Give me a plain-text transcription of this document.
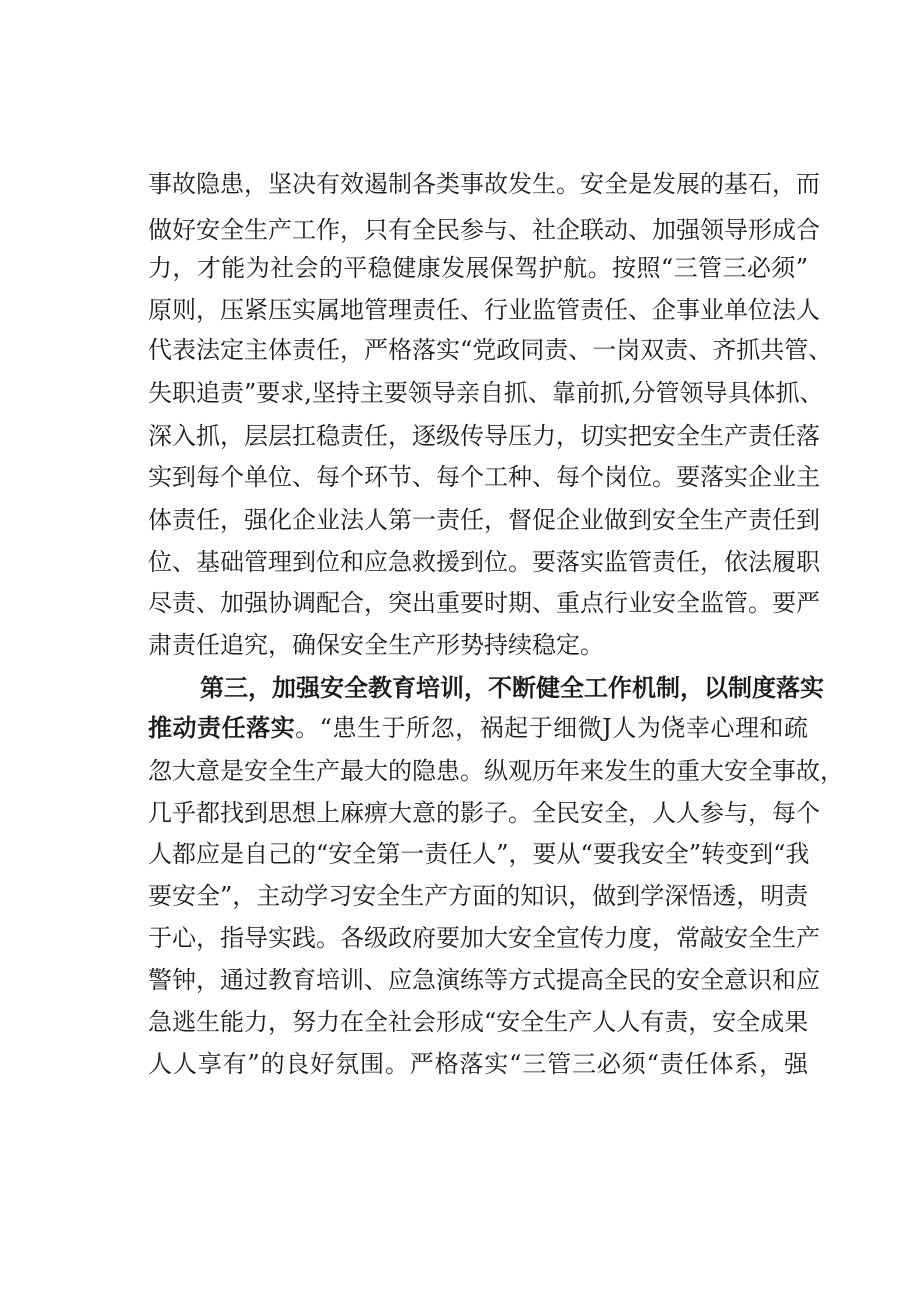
事故隐患，坚决有效遏制各类事故发生。安全是发展的基石，而
做好安全生产工作，只有全民参与、社企联动、加强领导形成合
力，才能为社会的平稳健康发展保驾护航。按照“三管三必须”
原则，压紧压实属地管理责任、行业监管责任、企事业单位法人
代表法定主体责任，严格落实“党政同责、一岗双责、齐抓共管、
失职追责”要求,坚持主要领导亲自抓、靠前抓,分管领导具体抓、
深入抓，层层扛稳责任，逐级传导压力，切实把安全生产责任落
实到每个单位、每个环节、每个工种、每个岗位。要落实企业主
体责任，强化企业法人第一责任，督促企业做到安全生产责任到
位、基础管理到位和应急救援到位。要落实监管责任，依法履职
尽责、加强协调配合，突出重要时期、重点行业安全监管。要严
肃责任追究，确保安全生产形势持续稳定。
第三，加强安全教育培训，不断健全工作机制，以制度落实
推动责任落实。“患生于所忽，祸起于细微J人为侥幸心理和疏
忽大意是安全生产最大的隐患。纵观历年来发生的重大安全事故，
几乎都找到思想上麻痹大意的影子。全民安全，人人参与，每个
人都应是自己的“安全第一责任人”，要从“要我安全”转变到“我
要安全”，主动学习安全生产方面的知识，做到学深悟透，明责
于心，指导实践。各级政府要加大安全宣传力度，常敲安全生产
警钟，通过教育培训、应急演练等方式提高全民的安全意识和应
急逃生能力，努力在全社会形成“安全生产人人有责，安全成果
人人享有”的良好氛围。严格落实“三管三必须“责任体系，强
